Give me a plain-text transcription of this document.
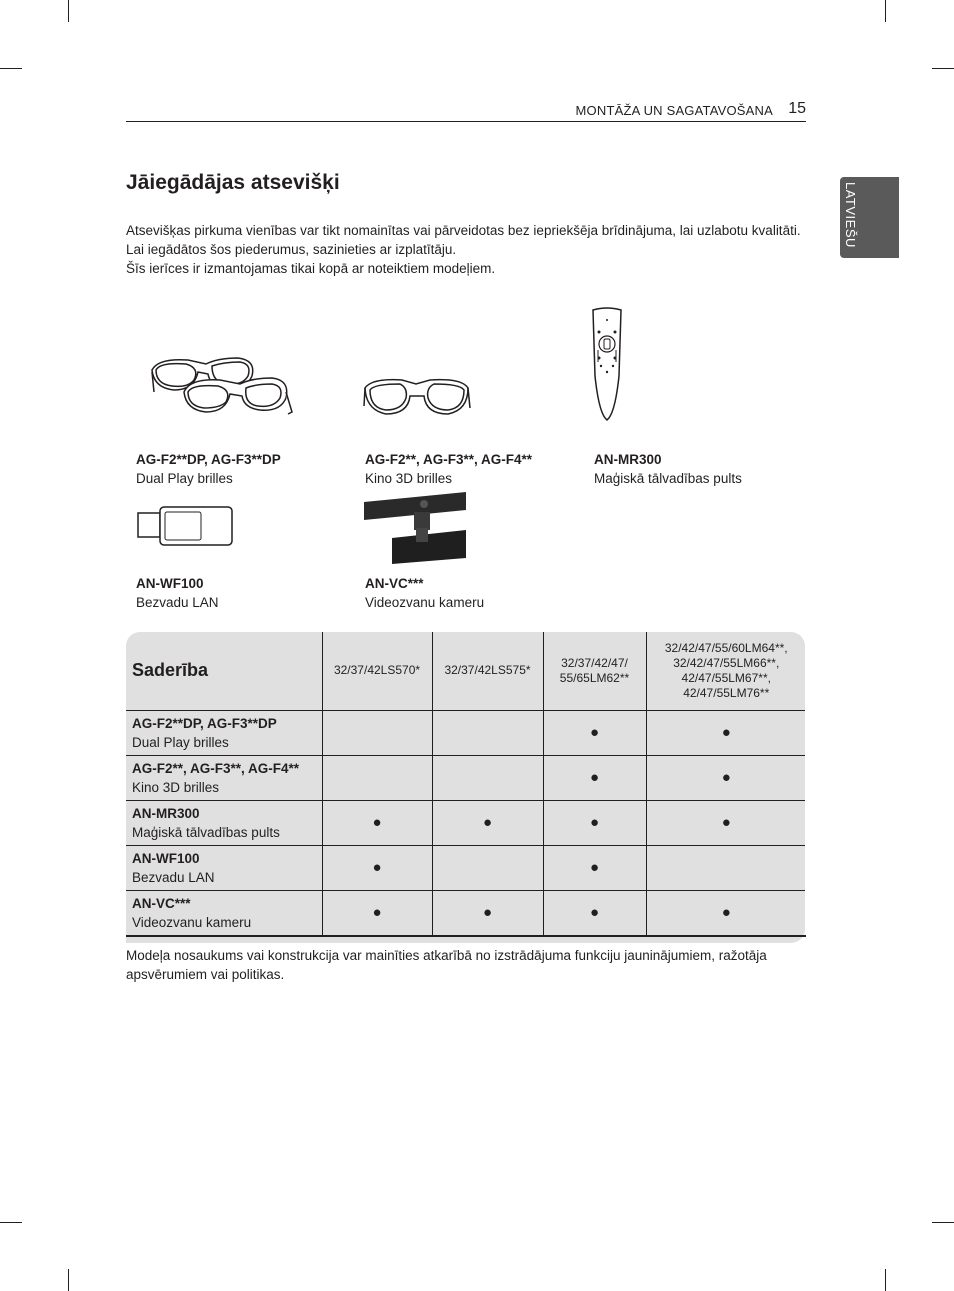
MONTĀŽA UN SAGATAVOŠANA 15
LATVIEŠU
Jāiegādājas atsevišķi

Atsevišķas pirkuma vienības var tikt nomainītas vai pārveidotas bez iepriekšēja brīdinājuma, lai uzlabotu kvalitāti.

Lai iegādātos šos piederumus, sazinieties ar izplatītāju.

Šīs ierīces ir izmantojamas tikai kopā ar noteiktiem modeļiem.

AG-F2**DP, AG-F3**DP
Dual Play brilles
AG-F2**, AG-F3**, AG-F4**
Kino 3D brilles
AN-MR300
Maģiskā tālvadības pults
AN-WF100
Bezvadu LAN
AN-VC***
Videozvanu kameru
Saderība	32/37/42LS570*	32/37/42LS575*	32/37/42/47/
55/65LM62**	32/42/47/55/60LM64**,
32/42/47/55LM66**,
42/47/55LM67**,
42/47/55LM76**

AG-F2**DP, AG-F3**DP
Dual Play brilles			●	●

AG-F2**, AG-F3**, AG-F4**
Kino 3D brilles			●	●

AN-MR300
Maģiskā tālvadības pults	●	●	●	●

AN-WF100
Bezvadu LAN	●		●	

AN-VC***
Videozvanu kameru	●	●	●	●
Modeļa nosaukums vai konstrukcija var mainīties atkarībā no izstrādājuma funkciju jauninājumiem, ražotāja apsvērumiem vai politikas.
